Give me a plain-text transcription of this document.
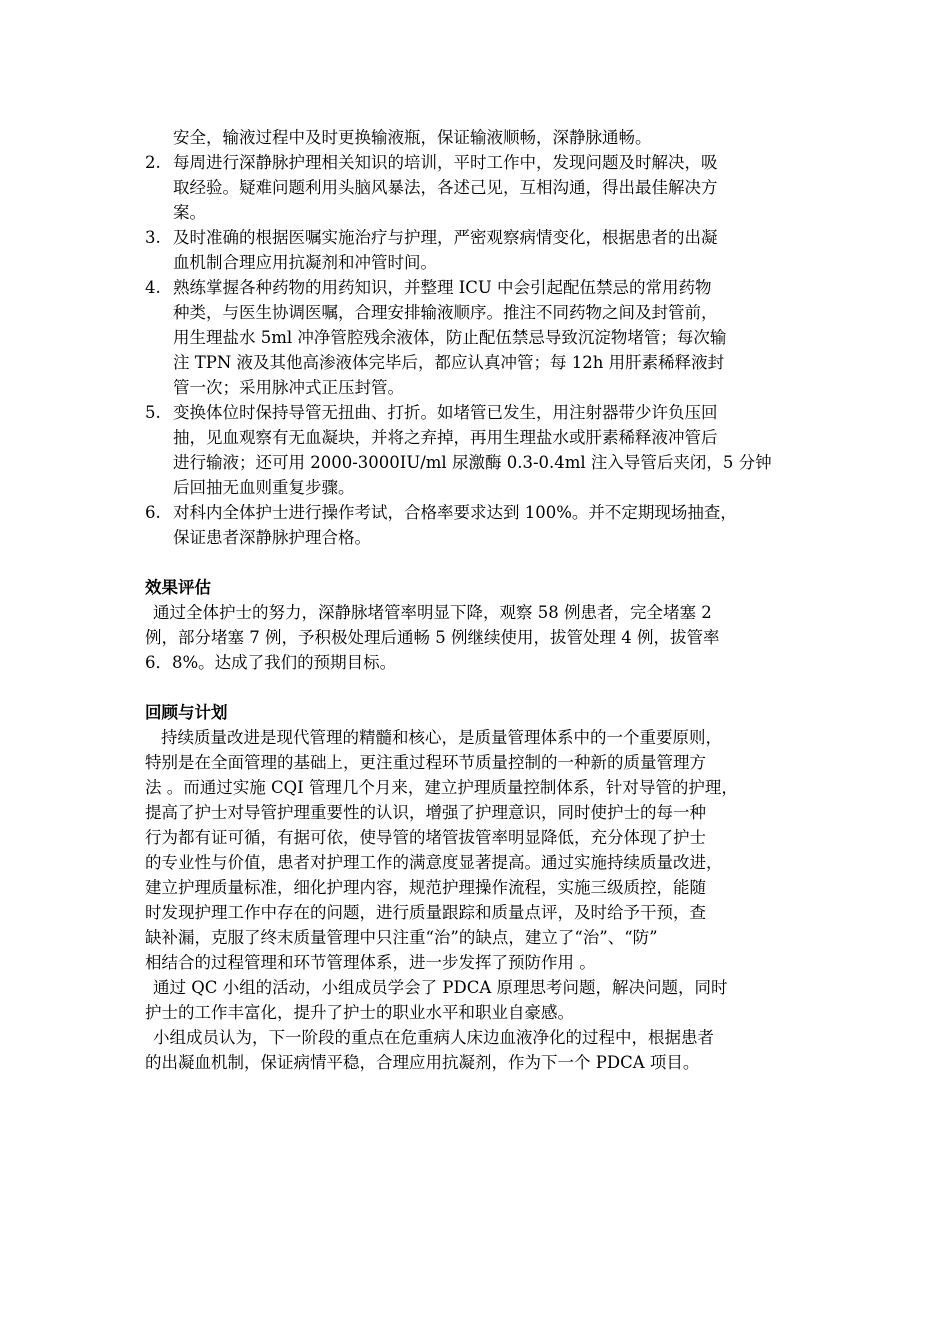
安全，输液过程中及时更换输液瓶，保证输液顺畅，深静脉通畅。
2. 每周进行深静脉护理相关知识的培训，平时工作中，发现问题及时解决，吸
取经验。疑难问题利用头脑风暴法，各述己见，互相沟通，得出最佳解决方
案。
3. 及时准确的根据医嘱实施治疗与护理，严密观察病情变化，根据患者的出凝
血机制合理应用抗凝剂和冲管时间。
4. 熟练掌握各种药物的用药知识，并整理 ICU 中会引起配伍禁忌的常用药物
种类，与医生协调医嘱，合理安排输液顺序。推注不同药物之间及封管前，
用生理盐水 5ml 冲净管腔残余液体，防止配伍禁忌导致沉淀物堵管；每次输
注 TPN 液及其他高渗液体完毕后，都应认真冲管；每 12h 用肝素稀释液封
管一次；采用脉冲式正压封管。
5. 变换体位时保持导管无扭曲、打折。如堵管已发生，用注射器带少许负压回
抽，见血观察有无血凝块，并将之弃掉，再用生理盐水或肝素稀释液冲管后
进行输液；还可用 2000-3000IU/ml 尿激酶 0.3-0.4ml 注入导管后夹闭，5 分钟
后回抽无血则重复步骤。
6. 对科内全体护士进行操作考试，合格率要求达到 100%。并不定期现场抽查，
保证患者深静脉护理合格。
效果评估
通过全体护士的努力，深静脉堵管率明显下降，观察 58 例患者，完全堵塞 2
例，部分堵塞 7 例，予积极处理后通畅 5 例继续使用，拔管处理 4 例，拔管率
6．8%。达成了我们的预期目标。
回顾与计划
持续质量改进是现代管理的精髓和核心，是质量管理体系中的一个重要原则，
特别是在全面管理的基础上，更注重过程环节质量控制的一种新的质量管理方
法 。而通过实施 CQI 管理几个月来，建立护理质量控制体系，针对导管的护理，
提高了护士对导管护理重要性的认识，增强了护理意识，同时使护士的每一种
行为都有证可循，有据可依，使导管的堵管拔管率明显降低，充分体现了护士
的专业性与价值，患者对护理工作的满意度显著提高。通过实施持续质量改进，
建立护理质量标准，细化护理内容，规范护理操作流程，实施三级质控，能随
时发现护理工作中存在的问题，进行质量跟踪和质量点评，及时给予干预，查
缺补漏，克服了终末质量管理中只注重“治”的缺点，建立了“治”、“防”
相结合的过程管理和环节管理体系，进一步发挥了预防作用 。
通过 QC 小组的活动，小组成员学会了 PDCA 原理思考问题，解决问题，同时
护士的工作丰富化，提升了护士的职业水平和职业自豪感。
小组成员认为，下一阶段的重点在危重病人床边血液净化的过程中，根据患者
的出凝血机制，保证病情平稳，合理应用抗凝剂，作为下一个 PDCA 项目。
